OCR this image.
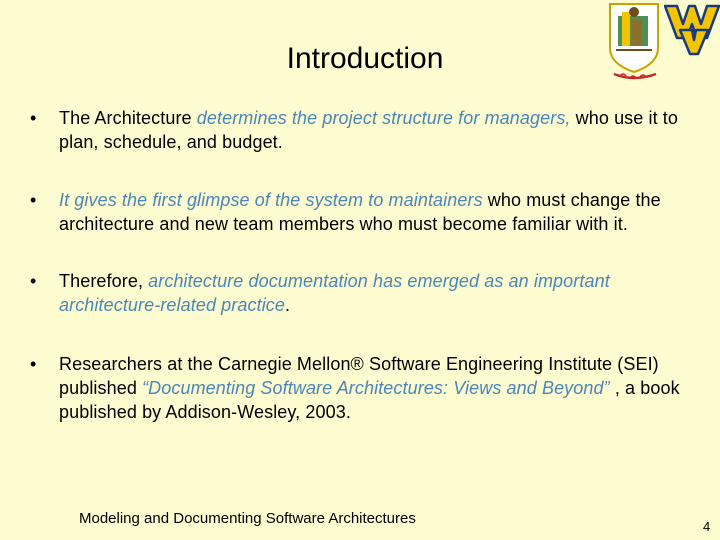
Introduction
• The Architecture determines the project structure for managers, who use it to plan, schedule, and budget.
• It gives the first glimpse of the system to maintainers who must change the architecture and new team members who must become familiar with it.
• Therefore, architecture documentation has emerged as an important architecture-related practice.
• Researchers at the Carnegie Mellon® Software Engineering Institute (SEI) published “Documenting Software Architectures: Views and Beyond” , a book published by Addison-Wesley, 2003.
Modeling and Documenting Software Architectures	4
